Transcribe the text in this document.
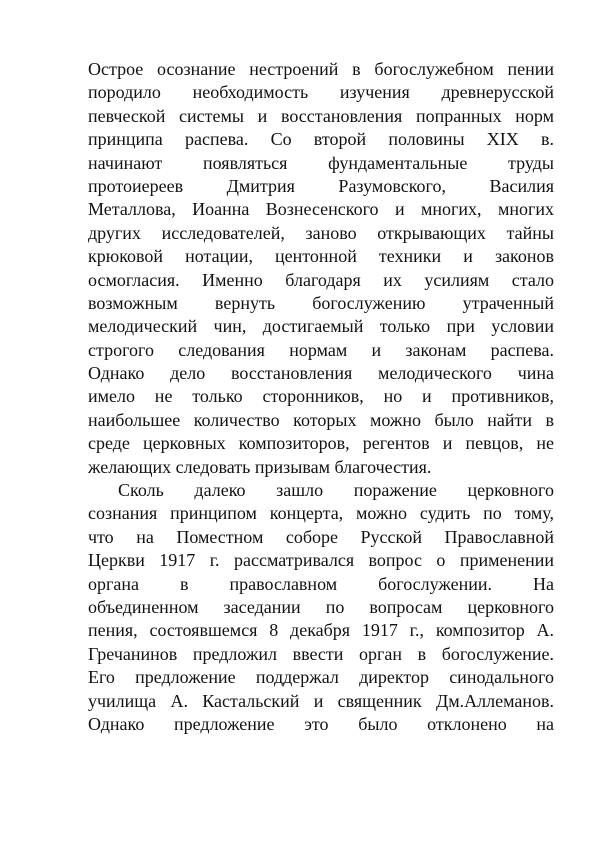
Острое осознание нестроений в богослужебном пении
породило необходимость изучения древнерусской
певческой системы и восстановления попранных норм
принципа распева. Со второй половины XIX в.
начинают появляться фундаментальные труды
протоиереев Дмитрия Разумовского, Василия
Металлова, Иоанна Вознесенского и многих, многих
других исследователей, заново открывающих тайны
крюковой нотации, центонной техники и законов
осмогласия. Именно благодаря их усилиям стало
возможным вернуть богослужению утраченный
мелодический чин, достигаемый только при условии
строгого следования нормам и законам распева.
Однако дело восстановления мелодического чина
имело не только сторонников, но и противников,
наибольшее количество которых можно было найти в
среде церковных композиторов, регентов и певцов, не
желающих следовать призывам благочестия.
Сколь далеко зашло поражение церковного
сознания принципом концерта, можно судить по тому,
что на Поместном соборе Русской Православной
Церкви 1917 г. рассматривался вопрос о применении
органа в православном богослужении. На
объединенном заседании по вопросам церковного
пения, состоявшемся 8 декабря 1917 г., композитор А.
Гречанинов предложил ввести орган в богослужение.
Его предложение поддержал директор синодального
училища А. Кастальский и священник Дм.Аллеманов.
Однако предложение это было отклонено на
